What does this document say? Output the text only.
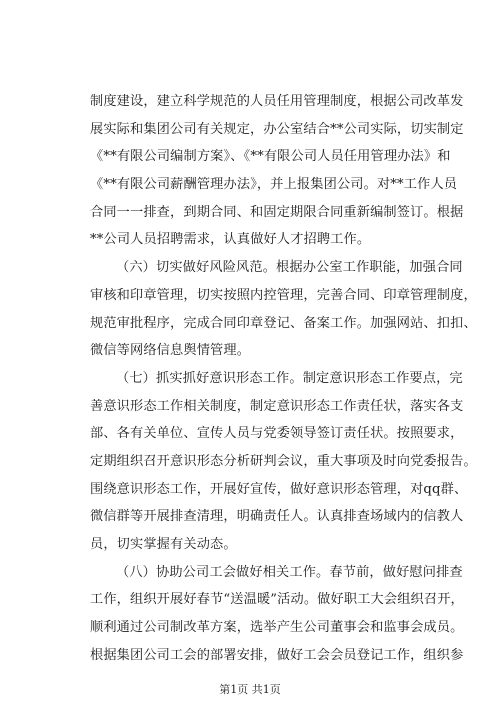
制度建设，建立科学规范的人员任用管理制度，根据公司改革发
展实际和集团公司有关规定，办公室结合**公司实际，切实制定
《**有限公司编制方案》、《**有限公司人员任用管理办法》和
《**有限公司薪酬管理办法》，并上报集团公司。对**工作人员
合同一一排查，到期合同、和固定期限合同重新编制签订。根据
**公司人员招聘需求，认真做好人才招聘工作。
（六）切实做好风险风范。根据办公室工作职能，加强合同
审核和印章管理，切实按照内控管理，完善合同、印章管理制度，
规范审批程序，完成合同印章登记、备案工作。加强网站、扣扣、
微信等网络信息舆情管理。
（七）抓实抓好意识形态工作。制定意识形态工作要点，完
善意识形态工作相关制度，制定意识形态工作责任状，落实各支
部、各有关单位、宣传人员与党委领导签订责任状。按照要求，
定期组织召开意识形态分析研判会议，重大事项及时向党委报告。
围绕意识形态工作，开展好宣传，做好意识形态管理，对qq群、
微信群等开展排查清理，明确责任人。认真排查场域内的信教人
员，切实掌握有关动态。
（八）协助公司工会做好相关工作。春节前，做好慰问排查
工作，组织开展好春节“送温暖”活动。做好职工大会组织召开，
顺利通过公司制改革方案，选举产生公司董事会和监事会成员。
根据集团公司工会的部署安排，做好工会会员登记工作，组织参
第1页 共1页
